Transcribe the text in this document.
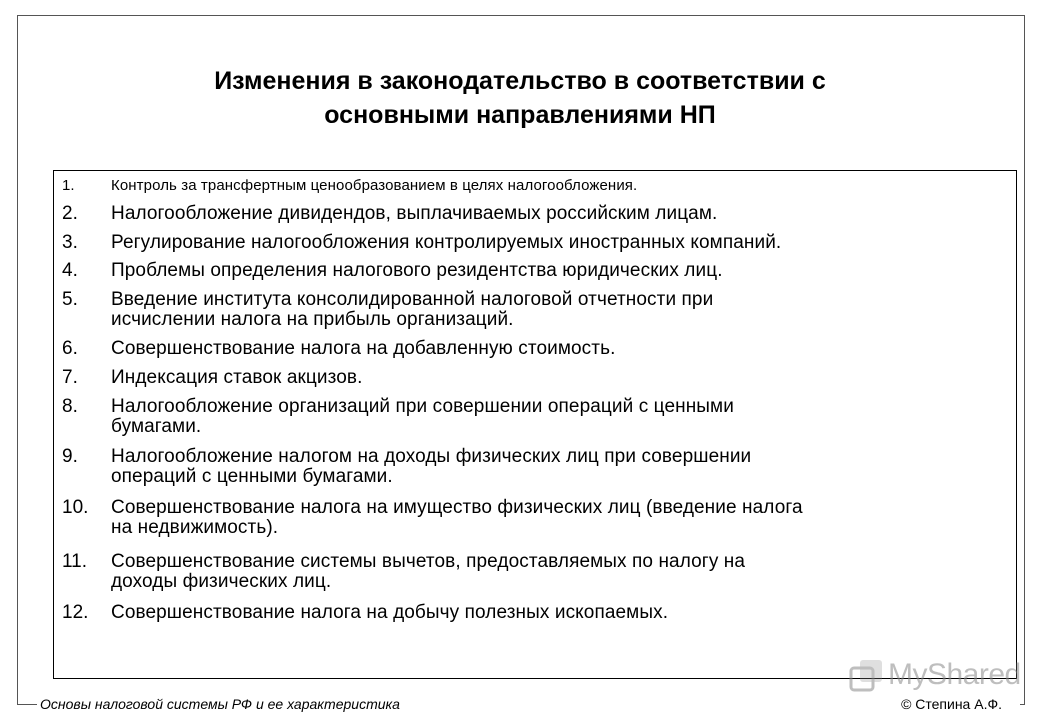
Изменения в законодательство в соответствии с
основными направлениями НП
1. Контроль за трансфертным ценообразованием в целях налогообложения.
2. Налогообложение дивидендов, выплачиваемых российским лицам.
3. Регулирование налогообложения контролируемых иностранных компаний.
4. Проблемы определения налогового резидентства юридических лиц.
5. Введение института консолидированной налоговой отчетности при
исчислении налога на прибыль организаций.
6. Совершенствование налога на добавленную стоимость.
7. Индексация ставок акцизов.
8. Налогообложение организаций при совершении операций с ценными
бумагами.
9. Налогообложение налогом на доходы физических лиц при совершении
операций с ценными бумагами.
10. Совершенствование налога на имущество физических лиц (введение налога
на недвижимость).
11. Совершенствование системы вычетов, предоставляемых по налогу на
доходы физических лиц.
12. Совершенствование налога на добычу полезных ископаемых.
MyShared
Основы налоговой системы РФ и ее характеристика	© Степина А.Ф.
